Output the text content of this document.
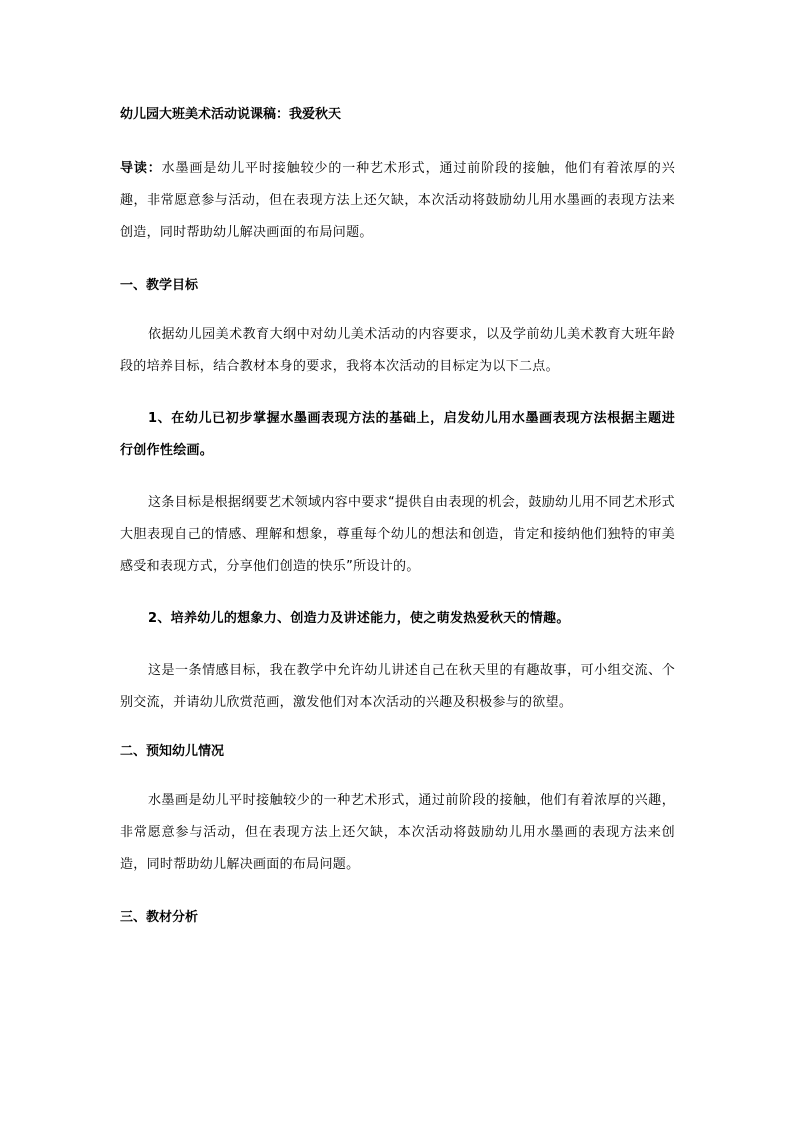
幼儿园大班美术活动说课稿：我爱秋天

导读：水墨画是幼儿平时接触较少的一种艺术形式，通过前阶段的接触，他们有着浓厚的兴趣，非常愿意参与活动，但在表现方法上还欠缺，本次活动将鼓励幼儿用水墨画的表现方法来创造，同时帮助幼儿解决画面的布局问题。

一、教学目标

依据幼儿园美术教育大纲中对幼儿美术活动的内容要求，以及学前幼儿美术教育大班年龄段的培养目标，结合教材本身的要求，我将本次活动的目标定为以下二点。

1、在幼儿已初步掌握水墨画表现方法的基础上，启发幼儿用水墨画表现方法根据主题进行创作性绘画。

这条目标是根据纲要艺术领域内容中要求“提供自由表现的机会，鼓励幼儿用不同艺术形式大胆表现自己的情感、理解和想象，尊重每个幼儿的想法和创造，肯定和接纳他们独特的审美感受和表现方式，分享他们创造的快乐”所设计的。

2、培养幼儿的想象力、创造力及讲述能力，使之萌发热爱秋天的情趣。

这是一条情感目标，我在教学中允许幼儿讲述自己在秋天里的有趣故事，可小组交流、个别交流，并请幼儿欣赏范画，激发他们对本次活动的兴趣及积极参与的欲望。

二、预知幼儿情况

水墨画是幼儿平时接触较少的一种艺术形式，通过前阶段的接触，他们有着浓厚的兴趣，非常愿意参与活动，但在表现方法上还欠缺，本次活动将鼓励幼儿用水墨画的表现方法来创造，同时帮助幼儿解决画面的布局问题。

三、教材分析
